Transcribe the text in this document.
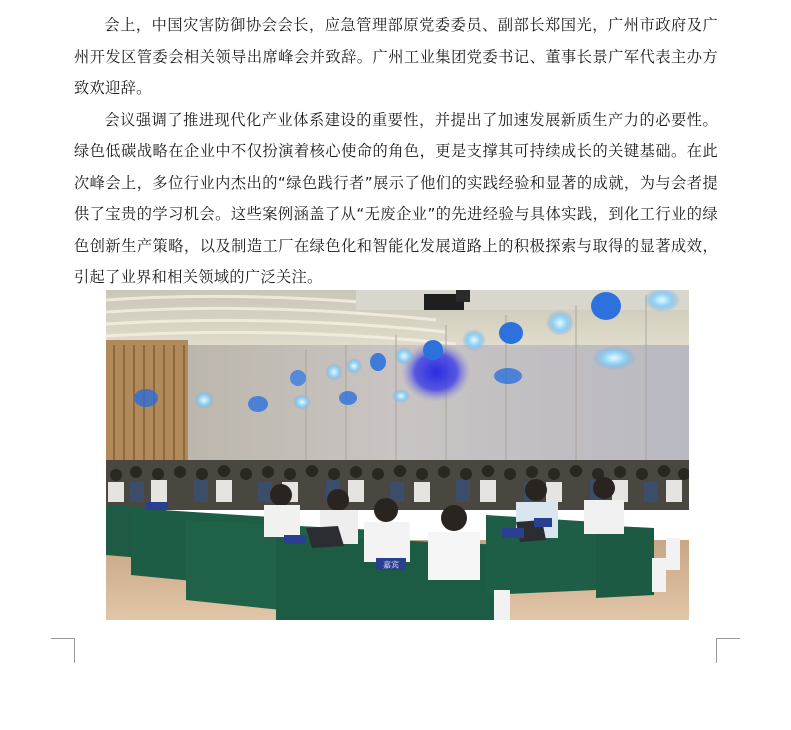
会上，中国灾害防御协会会长，应急管理部原党委委员、副部长郑国光，广州市政府及广州开发区管委会相关领导出席峰会并致辞。广州工业集团党委书记、董事长景广军代表主办方致欢迎辞。

会议强调了推进现代化产业体系建设的重要性，并提出了加速发展新质生产力的必要性。绿色低碳战略在企业中不仅扮演着核心使命的角色，更是支撑其可持续成长的关键基础。在此次峰会上，多位行业内杰出的“绿色践行者”展示了他们的实践经验和显著的成就，为与会者提供了宝贵的学习机会。这些案例涵盖了从“无废企业”的先进经验与具体实践，到化工行业的绿色创新生产策略，以及制造工厂在绿色化和智能化发展道路上的积极探索与取得的显著成效，引起了业界和相关领域的广泛关注。

嘉宾
